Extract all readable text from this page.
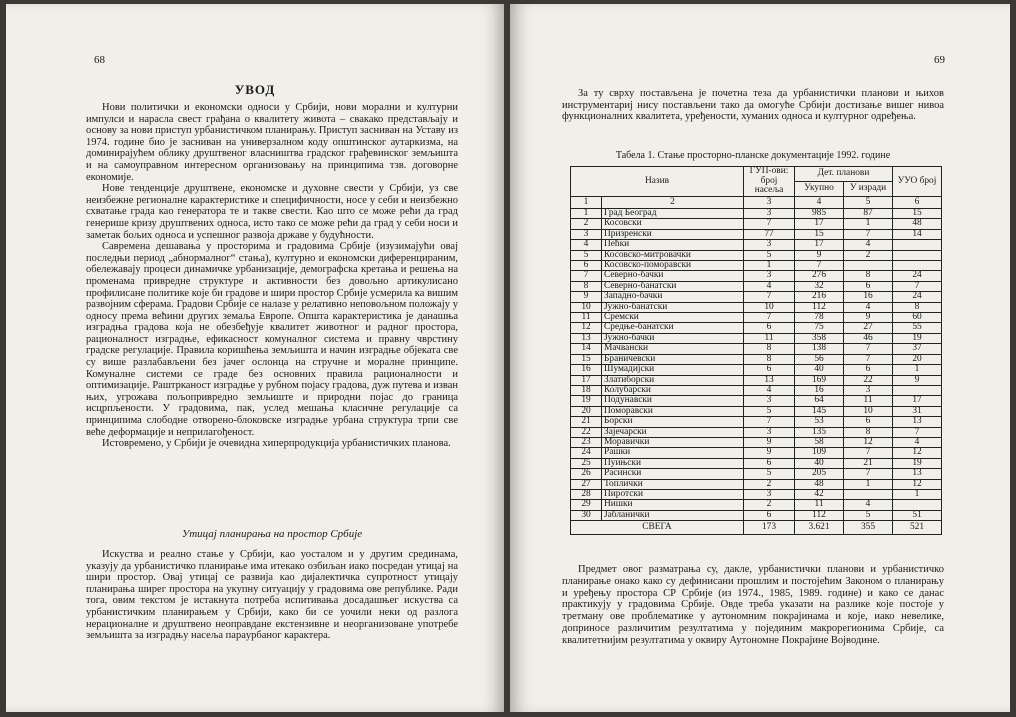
68
УВОД

Нови политички и економски односи у Србији, нови морални и културни импулси и нарасла свест грађана о квалитету живота – свакако представљају и основу за нови приступ урбанистичком планирању. Приступ засниван на Уставу из 1974. године био је засниван на универзалном коду општинског аутаркизма, на доминирајућем облику друштвеног власништва градског грађевинског земљишта и на самоуправном интересном организовању на принципима тзв. договорне економије.

Нове тенденције друштвене, економске и духовне свести у Србији, уз све неизбежне регионалне карактеристике и специфичности, носе у себи и неизбежно схватање града као генератора те и такве свести. Као што се може рећи да град генерише кризу друштвених односа, исто тако се може рећи да град у себи носи и заметак бољих односа и успешног развоја државе у будућности.

Савремена дешавања у просторима и градовима Србије (изузимајући овај последњи период „абнормалног“ стања), културно и економски диференцираним, обележавају процеси динамичке урбанизације, демографска кретања и решења на променама привредне структуре и активности без довољно артикулисано профилисане политике које би градове и шири простор Србије усмерила ка вишим развојним сферама. Градови Србије се налазе у релативно неповољном положају у односу према већини других земаља Европе. Општа карактеристика је данашња изградња градова која не обезбеђује квалитет животног и радног простора, рационалност изградње, ефикасност комуналног система и правну чврстину градске регулације. Правила коришћења земљишта и начин изградње објеката све су више разлабављени без јачег ослонца на стручне и моралне принципе. Комуналне системи се граде без основних правила рационалности и оптимизације. Раштрканост изградње у рубном појасу градова, дуж путева и изван њих, угрожава пољопривредно земљиште и природни појас до граница исцрпљености. У градовима, пак, услед мешања класичне регулације са принципима слободне отворено-блоковске изградње урбана структура трпи све веће деформације и неприлагођеност.

Истовремено, у Србији је очевидна хиперпродукција урбанистичких планова.

Утицај планирања на простор Србије

Искуства и реално стање у Србији, као уосталом и у другим срединама, указују да урбанистичко планирање има итекако озбиљан иако посредан утицај на шири простор. Овај утицај се развија као дијалектичка супротност утицају планирања ширег простора на укупну ситуацију у градовима ове републике. Ради тога, овим текстом је истакнута потреба испитивања досадашњег искуства са урбанистичким планирањем у Србији, како би се уочили неки од разлога нерационалне и друштвено неоправдане екстензивне и неорганизоване употребе земљишта за изградњу насеља парaурбаног карактера.

69

За ту сврху постављена је почетна теза да урбанистички планови и њихов инструментариј нису постављени тако да омогуће Србији достизање вишег нивоа функционалних квалитета, уређености, хуманих односа и културног одређења.

Табела 1. Стање просторно-планске документације 1992. године
Назив		ГУП-ови: број насеља	Дет. планови		УУО број
			Укупно	У изради	
1	2	3	4	5	6
1	Град Београд	3	985	87	15
2	Косовски	7	17	1	48
3	Призренски	77	15	7	14
4	Пећки	3	17	4	
5	Косовско-митровачки	5	9	2	
6	Косовско-поморавски	1	7		
7	Северно-бачки	3	276	8	24
8	Северно-банатски	4	32	6	7
9	Западно-бачки	7	216	16	24
10	Јужно-банатски	10	112	4	8
11	Сремски	7	78	9	60
12	Средње-банатски	6	75	27	55
13	Јужно-бачки	11	358	46	19
14	Мачвански	8	138	7	37
15	Браничевски	8	56	7	20
16	Шумадијски	6	40	6	1
17	Златиборски	13	169	22	9
18	Колубарски	4	16	3	
19	Подунавски	3	64	11	17
20	Поморавски	5	145	10	31
21	Борски	7	53	6	13
22	Зајечарски	3	135	8	7
23	Моравички	9	58	12	4
24	Рашки	9	109	7	12
25	Пуињски	6	40	21	19
26	Расински	5	205	7	13
27	Топлички	2	48	1	12
28	Пиротски	3	42		1
29	Нишки	2	11	4	
30	Јабланички	6	112	5	51
СВЕГА		173	3.621	355	521

Предмет овог разматрања су, дакле, урбанистички планови и урбанистичко планирање онако како су дефинисани прошлим и постојећим Законом о планирању и уређењу простора СР Србије (из 1974., 1985, 1989. године) и како се данас практикују у градовима Србије. Овде треба указати на разлике које постоје у третману ове проблематике у аутономним покрајинама и које, иако невелике, доприносе различитим резултатима у појединим макрорегионима Србије, са квалитетнијим резултатима у оквиру Аутономне Покрајине Војводине.
